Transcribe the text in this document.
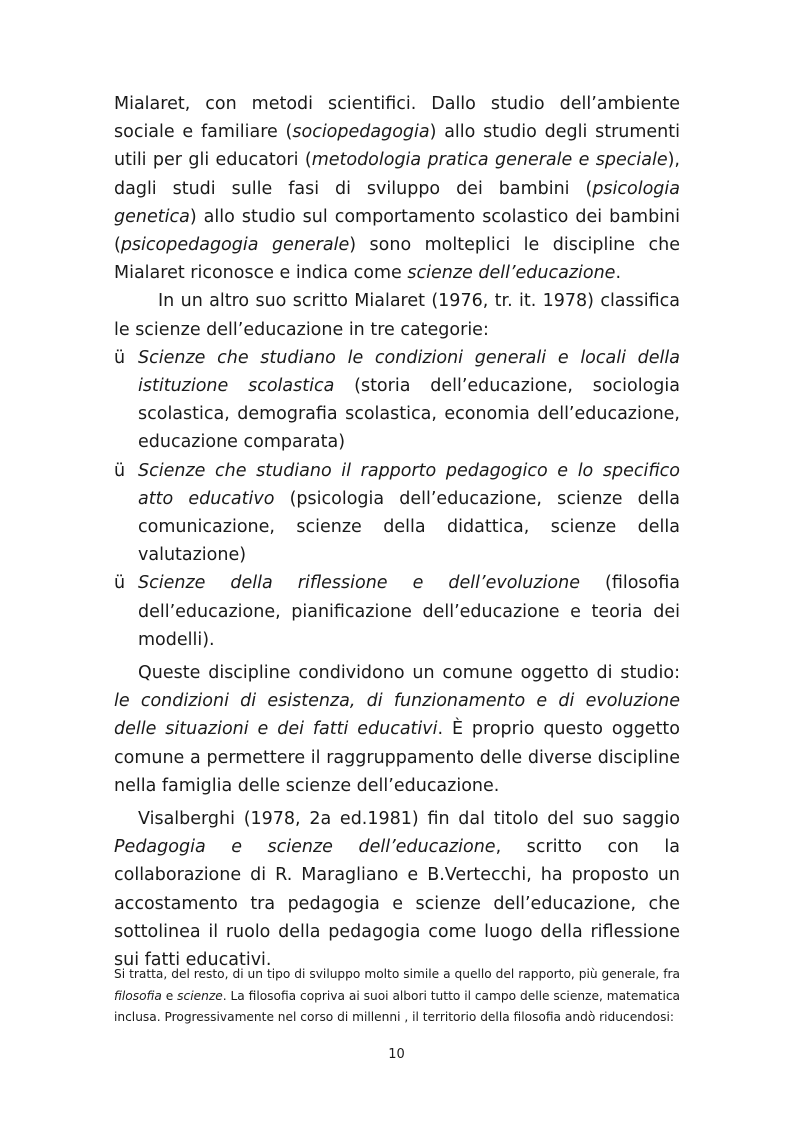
Mialaret, con metodi scientifici. Dallo studio dell’ambiente sociale e familiare (sociopedagogia) allo studio degli strumenti utili per gli educatori (metodologia pratica generale e speciale), dagli studi sulle fasi di sviluppo dei bambini (psicologia genetica) allo studio sul comportamento scolastico dei bambini (psicopedagogia generale) sono molteplici le discipline che Mialaret riconosce e indica come scienze dell’educazione.

In un altro suo scritto Mialaret (1976, tr. it. 1978) classifica le scienze dell’educazione in tre categorie:

ü Scienze che studiano le condizioni generali e locali della istituzione scolastica (storia dell’educazione, sociologia scolastica, demografia scolastica, economia dell’educazione, educazione comparata)
ü Scienze che studiano il rapporto pedagogico e lo specifico atto educativo (psicologia dell’educazione, scienze della comunicazione, scienze della didattica, scienze della valutazione)
ü Scienze della riflessione e dell’evoluzione (filosofia dell’educazione, pianificazione dell’educazione e teoria dei modelli).

Queste discipline condividono un comune oggetto di studio: le condizioni di esistenza, di funzionamento e di evoluzione delle situazioni e dei fatti educativi. È proprio questo oggetto comune a permettere il raggruppamento delle diverse discipline nella famiglia delle scienze dell’educazione.

Visalberghi (1978, 2a ed.1981) fin dal titolo del suo saggio Pedagogia e scienze dell’educazione, scritto con la collaborazione di R. Maragliano e B.Vertecchi, ha proposto un accostamento tra pedagogia e scienze dell’educazione, che sottolinea il ruolo della pedagogia come luogo della riflessione sui fatti educativi.

Si tratta, del resto, di un tipo di sviluppo molto simile a quello del rapporto, più generale, fra filosofia e scienze. La filosofia copriva ai suoi albori tutto il campo delle scienze, matematica inclusa. Progressivamente nel corso di millenni , il territorio della filosofia andò riducendosi:

10
